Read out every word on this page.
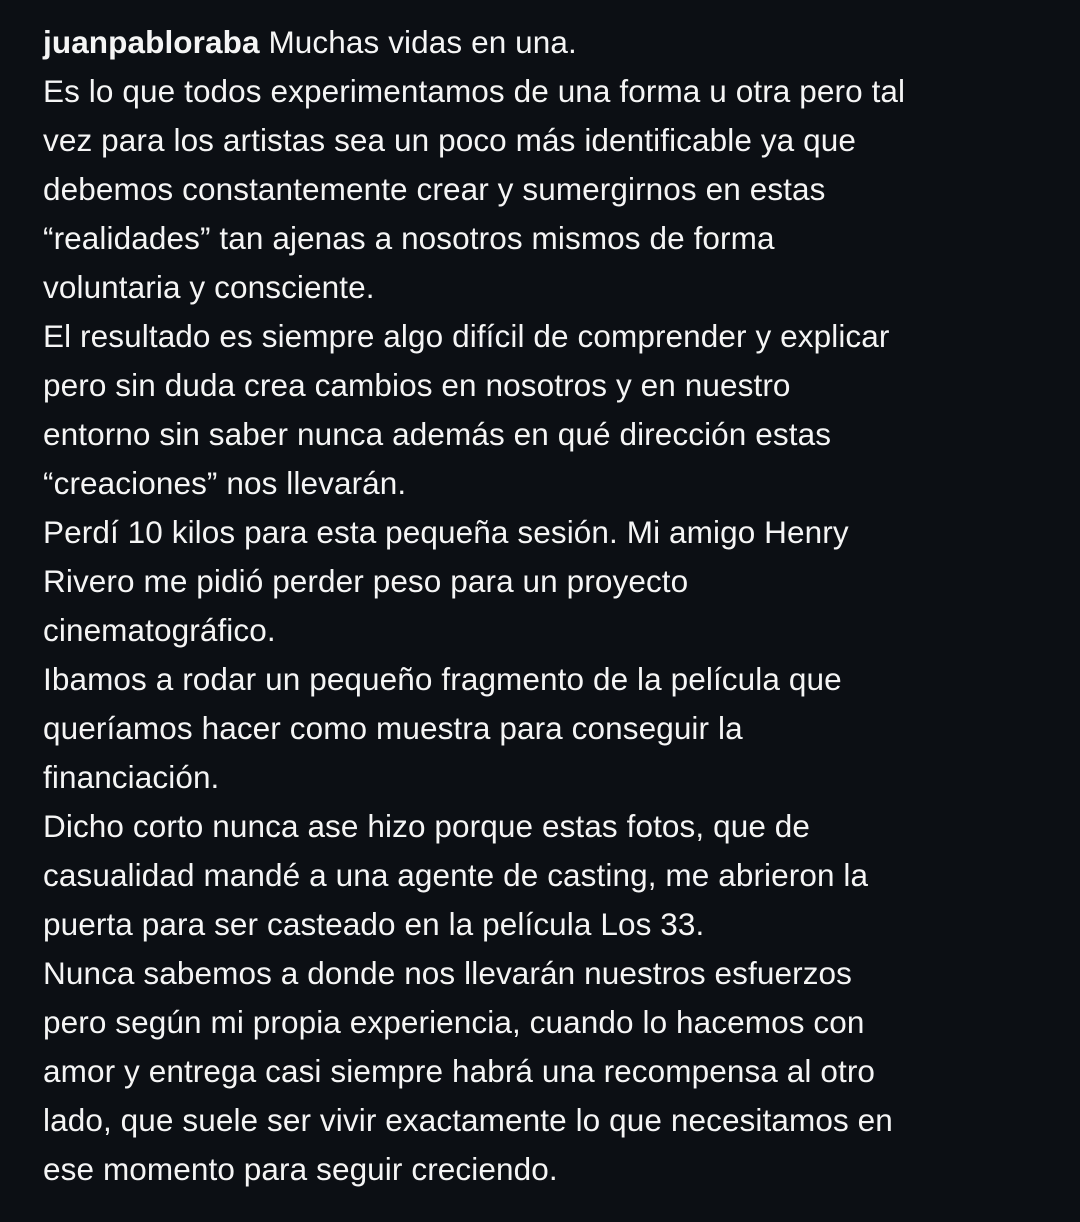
juanpabloraba Muchas vidas en una.
Es lo que todos experimentamos de una forma u otra pero tal
vez para los artistas sea un poco más identificable ya que
debemos constantemente crear y sumergirnos en estas
“realidades” tan ajenas a nosotros mismos de forma
voluntaria y consciente.
El resultado es siempre algo difícil de comprender y explicar
pero sin duda crea cambios en nosotros y en nuestro
entorno sin saber nunca además en qué dirección estas
“creaciones” nos llevarán.
Perdí 10 kilos para esta pequeña sesión. Mi amigo Henry
Rivero me pidió perder peso para un proyecto
cinematográfico.
Ibamos a rodar un pequeño fragmento de la película que
queríamos hacer como muestra para conseguir la
financiación.
Dicho corto nunca ase hizo porque estas fotos, que de
casualidad mandé a una agente de casting, me abrieron la
puerta para ser casteado en la película Los 33.
Nunca sabemos a donde nos llevarán nuestros esfuerzos
pero según mi propia experiencia, cuando lo hacemos con
amor y entrega casi siempre habrá una recompensa al otro
lado, que suele ser vivir exactamente lo que necesitamos en
ese momento para seguir creciendo.
